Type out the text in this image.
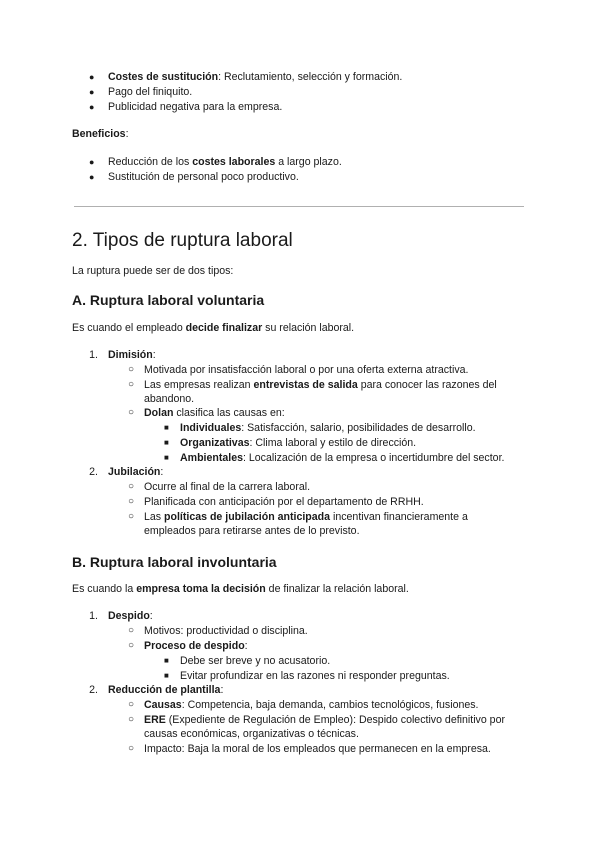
● Costes de sustitución: Reclutamiento, selección y formación.
● Pago del finiquito.
● Publicidad negativa para la empresa.
Beneficios:
● Reducción de los costes laborales a largo plazo.
● Sustitución de personal poco productivo.
2. Tipos de ruptura laboral
La ruptura puede ser de dos tipos:
A. Ruptura laboral voluntaria
Es cuando el empleado decide finalizar su relación laboral.
1. Dimisión:
○ Motivada por insatisfacción laboral o por una oferta externa atractiva.
○ Las empresas realizan entrevistas de salida para conocer las razones del
abandono.
○ Dolan clasifica las causas en:
■ Individuales: Satisfacción, salario, posibilidades de desarrollo.
■ Organizativas: Clima laboral y estilo de dirección.
■ Ambientales: Localización de la empresa o incertidumbre del sector.
2. Jubilación:
○ Ocurre al final de la carrera laboral.
○ Planificada con anticipación por el departamento de RRHH.
○ Las políticas de jubilación anticipada incentivan financieramente a
empleados para retirarse antes de lo previsto.
B. Ruptura laboral involuntaria
Es cuando la empresa toma la decisión de finalizar la relación laboral.
1. Despido:
○ Motivos: productividad o disciplina.
○ Proceso de despido:
■ Debe ser breve y no acusatorio.
■ Evitar profundizar en las razones ni responder preguntas.
2. Reducción de plantilla:
○ Causas: Competencia, baja demanda, cambios tecnológicos, fusiones.
○ ERE (Expediente de Regulación de Empleo): Despido colectivo definitivo por
causas económicas, organizativas o técnicas.
○ Impacto: Baja la moral de los empleados que permanecen en la empresa.
